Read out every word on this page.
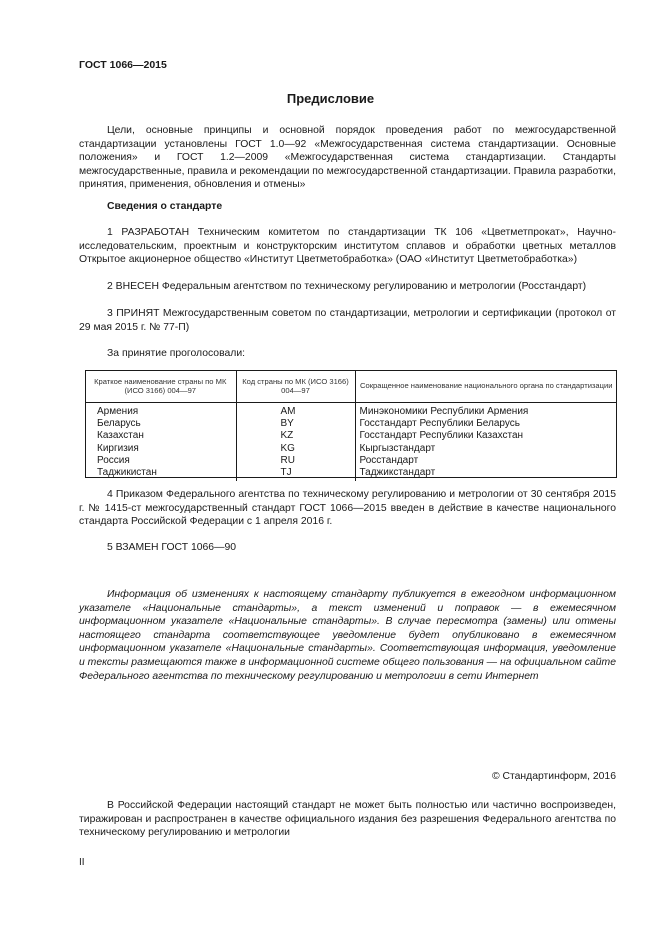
ГОСТ 1066—2015
Предисловие
Цели, основные принципы и основной порядок проведения работ по межгосударственной стандартизации установлены ГОСТ 1.0—92 «Межгосударственная система стандартизации. Основные положения» и ГОСТ 1.2—2009 «Межгосударственная система стандартизации. Стандарты межгосударственные, правила и рекомендации по межгосударственной стандартизации. Правила разработки, принятия, применения, обновления и отмены»
Сведения о стандарте
1 РАЗРАБОТАН Техническим комитетом по стандартизации ТК 106 «Цветметпрокат», Научно-исследовательским, проектным и конструкторским институтом сплавов и обработки цветных металлов Открытое акционерное общество «Институт Цветметобработка» (ОАО «Институт Цветметобработка»)
2 ВНЕСЕН Федеральным агентством по техническому регулированию и метрологии (Росстандарт)
3 ПРИНЯТ Межгосударственным советом по стандартизации, метрологии и сертификации (протокол от 29 мая 2015 г. № 77-П)
За принятие проголосовали:
Краткое наименование страны по МК (ИСО 3166) 004—97	Код страны по МК (ИСО 3166) 004—97	Сокращенное наименование национального органа по стандартизации
Армения	AM	Минэкономики Республики Армения
Беларусь	BY	Госстандарт Республики Беларусь
Казахстан	KZ	Госстандарт Республики Казахстан
Киргизия	KG	Кыргызстандарт
Россия	RU	Росстандарт
Таджикистан	TJ	Таджикстандарт
4 Приказом Федерального агентства по техническому регулированию и метрологии от 30 сентября 2015 г. № 1415-ст межгосударственный стандарт ГОСТ 1066—2015 введен в действие в качестве национального стандарта Российской Федерации с 1 апреля 2016 г.
5 ВЗАМЕН ГОСТ 1066—90
Информация об изменениях к настоящему стандарту публикуется в ежегодном информационном указателе «Национальные стандарты», а текст изменений и поправок — в ежемесячном информационном указателе «Национальные стандарты». В случае пересмотра (замены) или отмены настоящего стандарта соответствующее уведомление будет опубликовано в ежемесячном информационном указателе «Национальные стандарты». Соответствующая информация, уведомление и тексты размещаются также в информационной системе общего пользования — на официальном сайте Федерального агентства по техническому регулированию и метрологии в сети Интернет
© Стандартинформ, 2016
В Российской Федерации настоящий стандарт не может быть полностью или частично воспроизведен, тиражирован и распространен в качестве официального издания без разрешения Федерального агентства по техническому регулированию и метрологии
II
